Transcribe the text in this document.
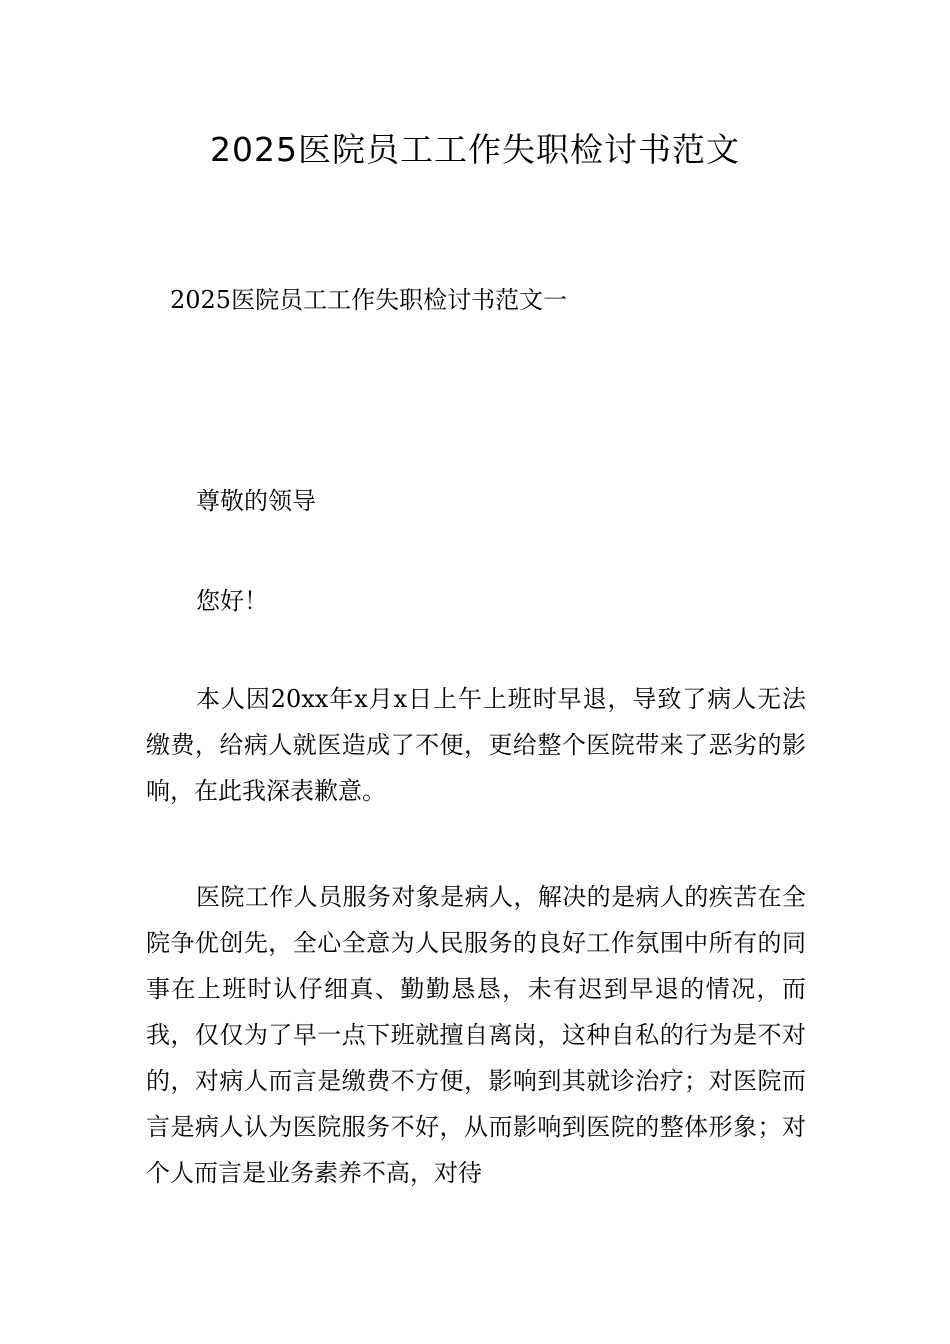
2025医院员工工作失职检讨书范文

2025医院员工工作失职检讨书范文一

尊敬的领导

您好！

本人因20xx年x月x日上午上班时早退，导致了病人无法缴费，给病人就医造成了不便，更给整个医院带来了恶劣的影响，在此我深表歉意。

医院工作人员服务对象是病人，解决的是病人的疾苦在全院争优创先，全心全意为人民服务的良好工作氛围中所有的同事在上班时认仔细真、勤勤恳恳，未有迟到早退的情况，而我，仅仅为了早一点下班就擅自离岗，这种自私的行为是不对的，对病人而言是缴费不方便，影响到其就诊治疗；对医院而言是病人认为医院服务不好，从而影响到医院的整体形象；对个人而言是业务素养不高，对待
